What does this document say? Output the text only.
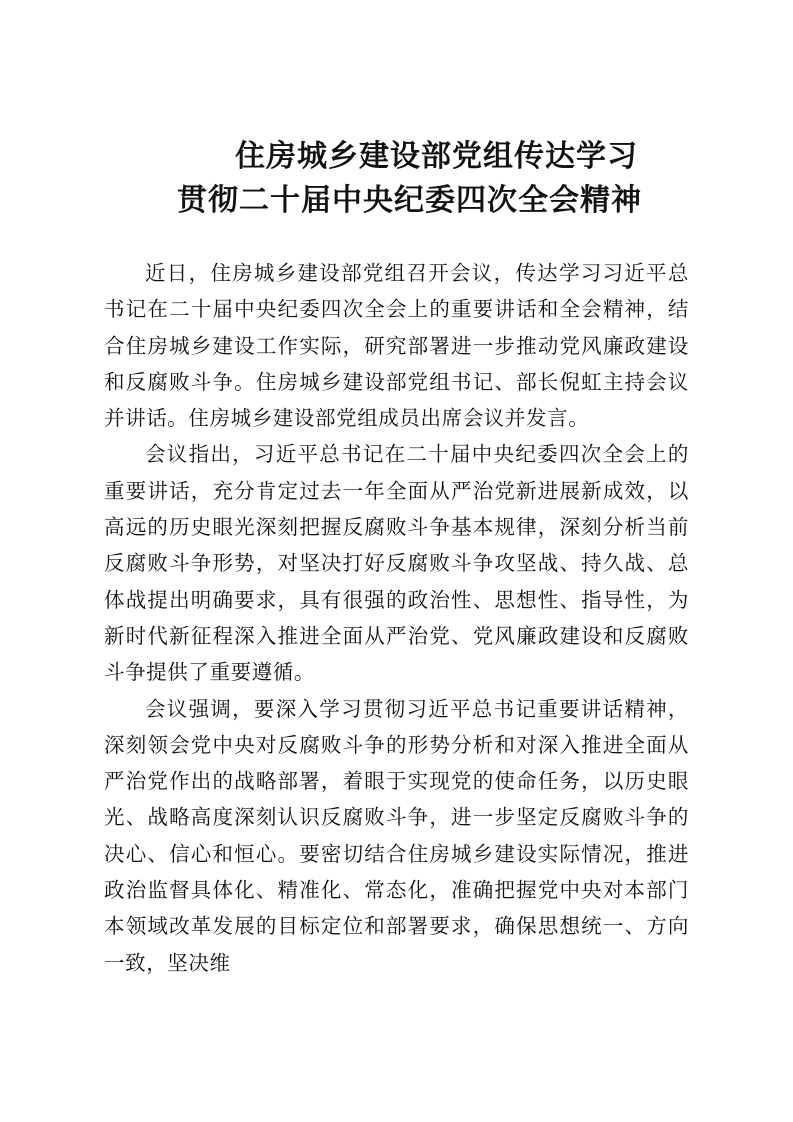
住房城乡建设部党组传达学习
贯彻二十届中央纪委四次全会精神

近日，住房城乡建设部党组召开会议，传达学习习近平总书记在二十届中央纪委四次全会上的重要讲话和全会精神，结合住房城乡建设工作实际，研究部署进一步推动党风廉政建设和反腐败斗争。住房城乡建设部党组书记、部长倪虹主持会议并讲话。住房城乡建设部党组成员出席会议并发言。

会议指出，习近平总书记在二十届中央纪委四次全会上的重要讲话，充分肯定过去一年全面从严治党新进展新成效，以高远的历史眼光深刻把握反腐败斗争基本规律，深刻分析当前反腐败斗争形势，对坚决打好反腐败斗争攻坚战、持久战、总体战提出明确要求，具有很强的政治性、思想性、指导性，为新时代新征程深入推进全面从严治党、党风廉政建设和反腐败斗争提供了重要遵循。

会议强调，要深入学习贯彻习近平总书记重要讲话精神，深刻领会党中央对反腐败斗争的形势分析和对深入推进全面从严治党作出的战略部署，着眼于实现党的使命任务，以历史眼光、战略高度深刻认识反腐败斗争，进一步坚定反腐败斗争的决心、信心和恒心。要密切结合住房城乡建设实际情况，推进政治监督具体化、精准化、常态化，准确把握党中央对本部门本领域改革发展的目标定位和部署要求，确保思想统一、方向一致，坚决维
